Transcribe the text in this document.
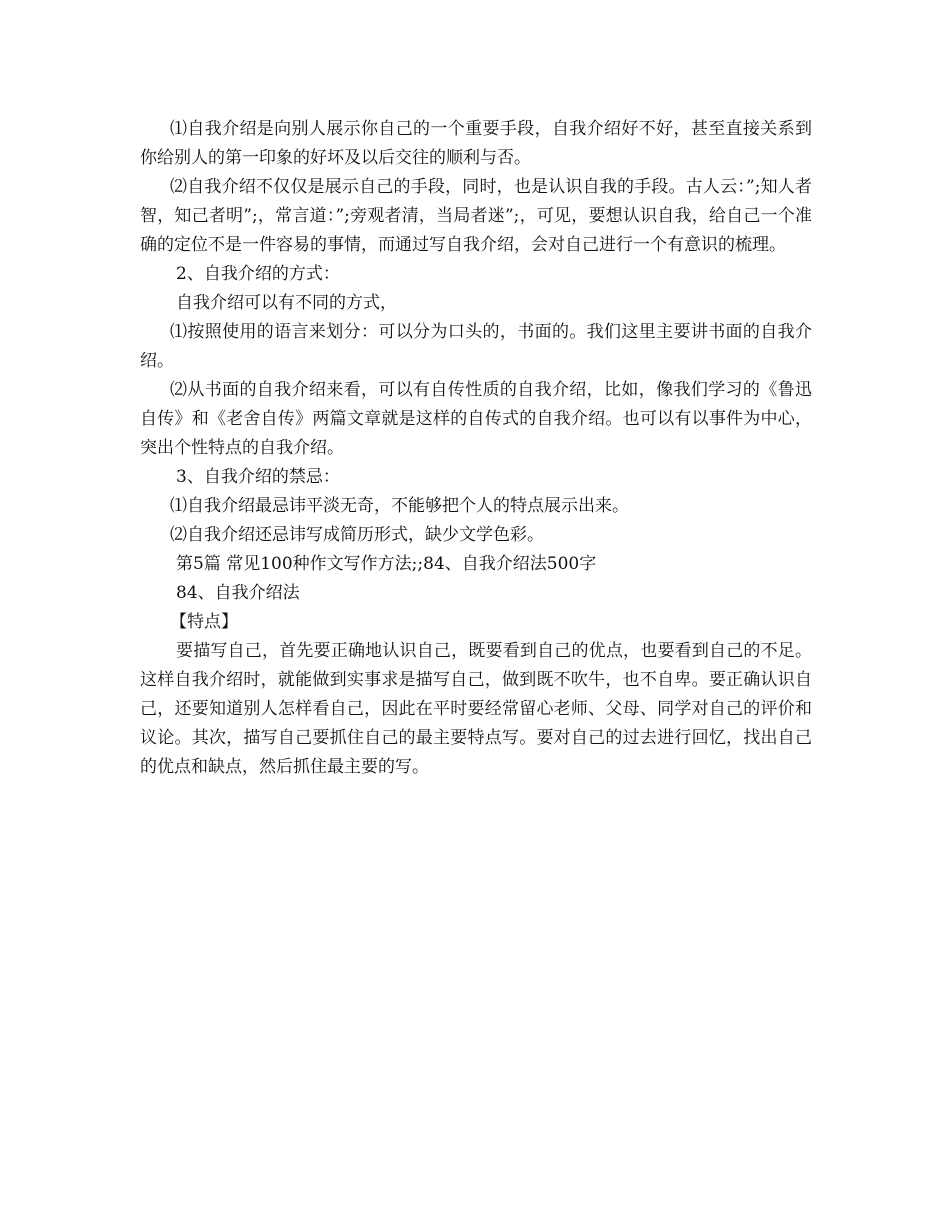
⑴自我介绍是向别人展示你自己的一个重要手段，自我介绍好不好，甚至直接关系到你给别人的第一印象的好坏及以后交往的顺利与否。

⑵自我介绍不仅仅是展示自己的手段，同时，也是认识自我的手段。古人云：”;知人者智，知己者明”;，常言道：”;旁观者清，当局者迷”;，可见，要想认识自我，给自己一个准确的定位不是一件容易的事情，而通过写自我介绍，会对自己进行一个有意识的梳理。

2、自我介绍的方式：

自我介绍可以有不同的方式，

⑴按照使用的语言来划分：可以分为口头的，书面的。我们这里主要讲书面的自我介绍。

⑵从书面的自我介绍来看，可以有自传性质的自我介绍，比如，像我们学习的《鲁迅自传》和《老舍自传》两篇文章就是这样的自传式的自我介绍。也可以有以事件为中心，突出个性特点的自我介绍。

3、自我介绍的禁忌：

⑴自我介绍最忌讳平淡无奇，不能够把个人的特点展示出来。

⑵自我介绍还忌讳写成简历形式，缺少文学色彩。

第5篇 常见100种作文写作方法;;84、自我介绍法500字

84、自我介绍法

【特点】

要描写自己，首先要正确地认识自己，既要看到自己的优点，也要看到自己的不足。这样自我介绍时，就能做到实事求是描写自己，做到既不吹牛，也不自卑。要正确认识自己，还要知道别人怎样看自己，因此在平时要经常留心老师、父母、同学对自己的评价和议论。其次，描写自己要抓住自己的最主要特点写。要对自己的过去进行回忆，找出自己的优点和缺点，然后抓住最主要的写。
